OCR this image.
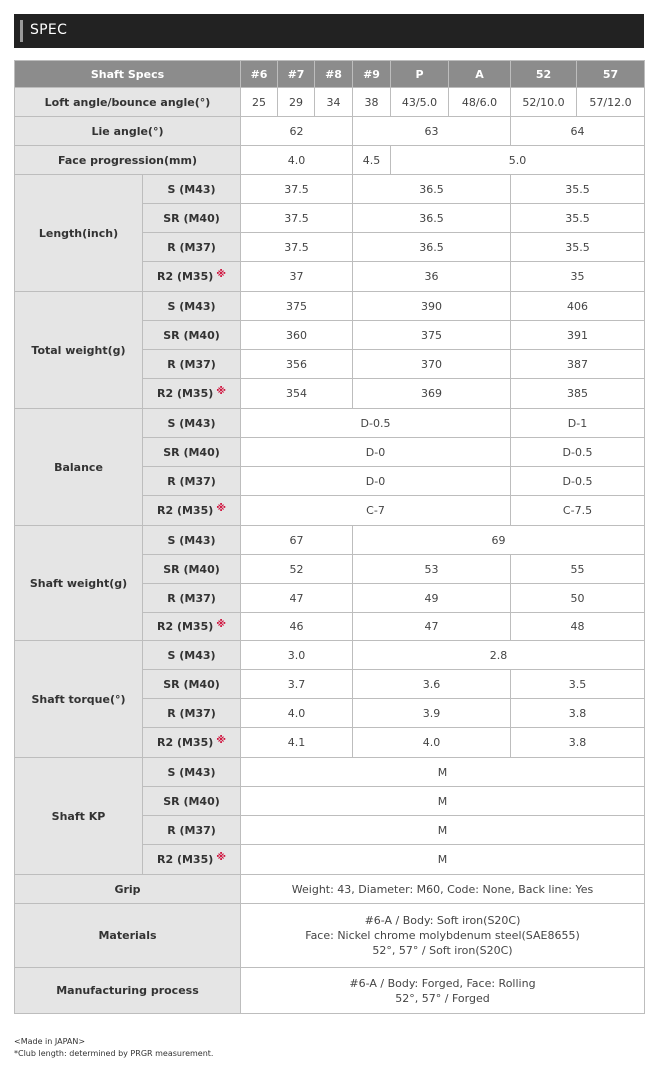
SPEC
Shaft Specs		#6	#7	#8	#9	P	A	52	57
Loft angle/bounce angle(°)		25	29	34	38	43/5.0	48/6.0	52/10.0	57/12.0
Lie angle(°)		62			63			64	
Face progression(mm)		4.0			4.5	5.0			
Length(inch)	S (M43)	37.5			36.5			35.5	
	SR (M40)	37.5			36.5			35.5	
	R (M37)	37.5			36.5			35.5	
	R2 (M35) ※	37			36			35	
Total weight(g)	S (M43)	375			390			406	
	SR (M40)	360			375			391	
	R (M37)	356			370			387	
	R2 (M35) ※	354			369			385	
Balance	S (M43)	D-0.5						D-1	
	SR (M40)	D-0						D-0.5	
	R (M37)	D-0						D-0.5	
	R2 (M35) ※	C-7						C-7.5	
Shaft weight(g)	S (M43)	67			69				
	SR (M40)	52			53			55	
	R (M37)	47			49			50	
	R2 (M35) ※	46			47			48	
Shaft torque(°)	S (M43)	3.0			2.8				
	SR (M40)	3.7			3.6			3.5	
	R (M37)	4.0			3.9			3.8	
	R2 (M35) ※	4.1			4.0			3.8	
Shaft KP	S (M43)	M							
	SR (M40)	M							
	R (M37)	M							
	R2 (M35) ※	M							
Grip		Weight: 43, Diameter: M60, Code: None, Back line: Yes							
Materials		#6-A / Body: Soft iron(S20C)
Face: Nickel chrome molybdenum steel(SAE8655)
52°, 57° / Soft iron(S20C)							

Manufacturing process		#6-A / Body: Forged, Face: Rolling
52°, 57° / Forged							
<Made in JAPAN>
*Club length: determined by PRGR measurement.
